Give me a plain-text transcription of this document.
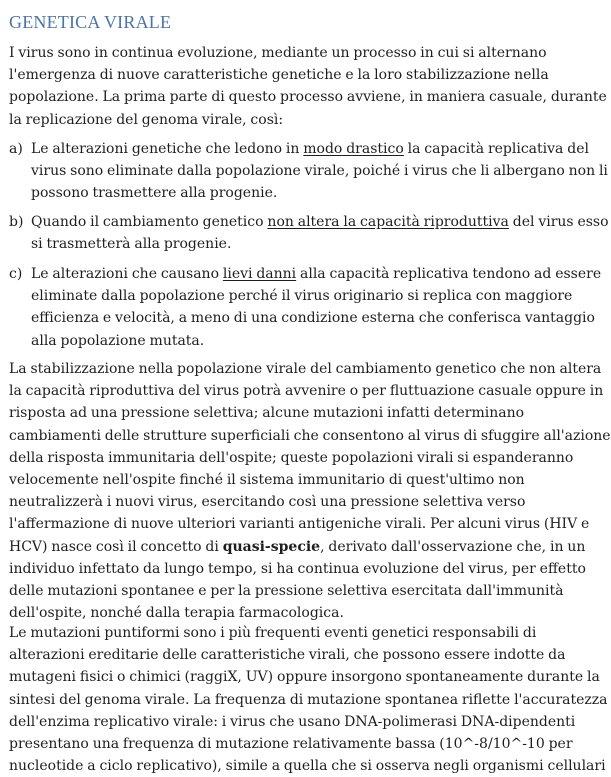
GENETICA VIRALE
I virus sono in continua evoluzione, mediante un processo in cui si alternano
l'emergenza di nuove caratteristiche genetiche e la loro stabilizzazione nella
popolazione. La prima parte di questo processo avviene, in maniera casuale, durante
la replicazione del genoma virale, così:
a) Le alterazioni genetiche che ledono in modo drastico la capacità replicativa del
virus sono eliminate dalla popolazione virale, poiché i virus che li albergano non li
possono trasmettere alla progenie.
b) Quando il cambiamento genetico non altera la capacità riproduttiva del virus esso
si trasmetterà alla progenie.
c) Le alterazioni che causano lievi danni alla capacità replicativa tendono ad essere
eliminate dalla popolazione perché il virus originario si replica con maggiore
efficienza e velocità, a meno di una condizione esterna che conferisca vantaggio
alla popolazione mutata.
La stabilizzazione nella popolazione virale del cambiamento genetico che non altera
la capacità riproduttiva del virus potrà avvenire o per fluttuazione casuale oppure in
risposta ad una pressione selettiva; alcune mutazioni infatti determinano
cambiamenti delle strutture superficiali che consentono al virus di sfuggire all'azione
della risposta immunitaria dell'ospite; queste popolazioni virali si espanderanno
velocemente nell'ospite finché il sistema immunitario di quest'ultimo non
neutralizzerà i nuovi virus, esercitando così una pressione selettiva verso
l'affermazione di nuove ulteriori varianti antigeniche virali. Per alcuni virus (HIV e
HCV) nasce così il concetto di quasi-specie, derivato dall'osservazione che, in un
individuo infettato da lungo tempo, si ha continua evoluzione del virus, per effetto
delle mutazioni spontanee e per la pressione selettiva esercitata dall'immunità
dell'ospite, nonché dalla terapia farmacologica.
Le mutazioni puntiformi sono i più frequenti eventi genetici responsabili di
alterazioni ereditarie delle caratteristiche virali, che possono essere indotte da
mutageni fisici o chimici (raggiX, UV) oppure insorgono spontaneamente durante la
sintesi del genoma virale. La frequenza di mutazione spontanea riflette l'accuratezza
dell'enzima replicativo virale: i virus che usano DNA-polimerasi DNA-dipendenti
presentano una frequenza di mutazione relativamente bassa (10^-8/10^-10 per
nucleotide a ciclo replicativo), simile a quella che si osserva negli organismi cellulari
